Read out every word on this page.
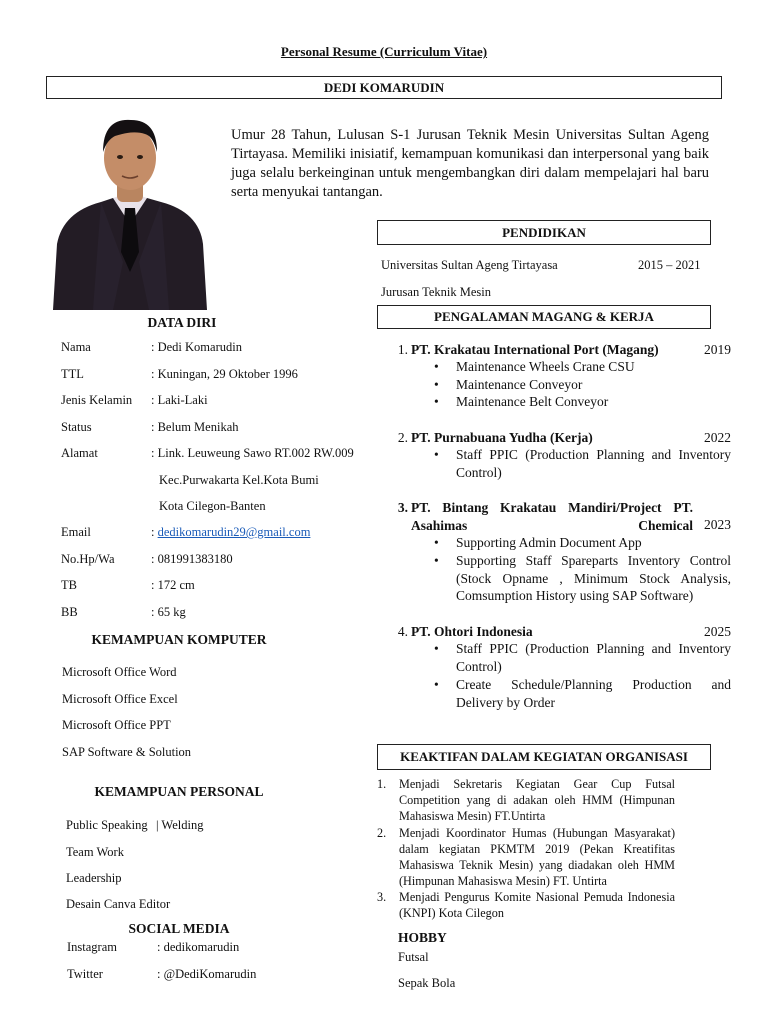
Personal Resume (Curriculum Vitae)
DEDI KOMARUDIN
Umur 28 Tahun, Lulusan S-1 Jurusan Teknik Mesin Universitas Sultan Ageng Tirtayasa. Memiliki inisiatif, kemampuan komunikasi dan interpersonal yang baik juga selalu berkeinginan untuk mengembangkan diri dalam mempelajari hal baru serta menyukai tantangan.
DATA DIRI
Nama	: Dedi Komarudin
TTL	: Kuningan, 29 Oktober 1996
Jenis Kelamin : Laki-Laki
Status	: Belum Menikah
Alamat	: Link. Leuweung Sawo RT.002 RW.009
Kec.Purwakarta Kel.Kota Bumi
Kota Cilegon-Banten
Email	: dedikomarudin29@gmail.com
No.Hp/Wa	: 081991383180
TB	: 172 cm
BB	: 65 kg
KEMAMPUAN KOMPUTER
Microsoft Office Word
Microsoft Office Excel
Microsoft Office PPT
SAP Software & Solution
KEMAMPUAN PERSONAL
Public Speaking | Welding
Team Work
Leadership
Desain Canva Editor
SOCIAL MEDIA
Instagram	: dedikomarudin
Twitter	: @DediKomarudin
PENDIDIKAN
Universitas Sultan Ageng Tirtayasa	2015 – 2021
Jurusan Teknik Mesin
PENGALAMAN MAGANG & KERJA
1. PT. Krakatau International Port (Magang)	2019
• Maintenance Wheels Crane CSU
• Maintenance Conveyor
• Maintenance Belt Conveyor
2. PT. Purnabuana Yudha (Kerja)	2022
• Staff PPIC (Production Planning and Inventory Control)
3. PT. Bintang Krakatau Mandiri/Project PT. Asahimas Chemical 2023
• Supporting Admin Document App
• Supporting Staff Spareparts Inventory Control (Stock Opname , Minimum Stock Analysis, Comsumption History using SAP Software)
4. PT. Ohtori Indonesia	2025
• Staff PPIC (Production Planning and Inventory Control)
• Create Schedule/Planning Production and Delivery by Order
KEAKTIFAN DALAM KEGIATAN ORGANISASI
1. Menjadi Sekretaris Kegiatan Gear Cup Futsal Competition yang di adakan oleh HMM (Himpunan Mahasiswa Mesin) FT.Untirta
2. Menjadi Koordinator Humas (Hubungan Masyarakat) dalam kegiatan PKMTM 2019 (Pekan Kreatifitas Mahasiswa Teknik Mesin) yang diadakan oleh HMM (Himpunan Mahasiswa Mesin) FT. Untirta
3. Menjadi Pengurus Komite Nasional Pemuda Indonesia (KNPI) Kota Cilegon
HOBBY
Futsal
Sepak Bola
